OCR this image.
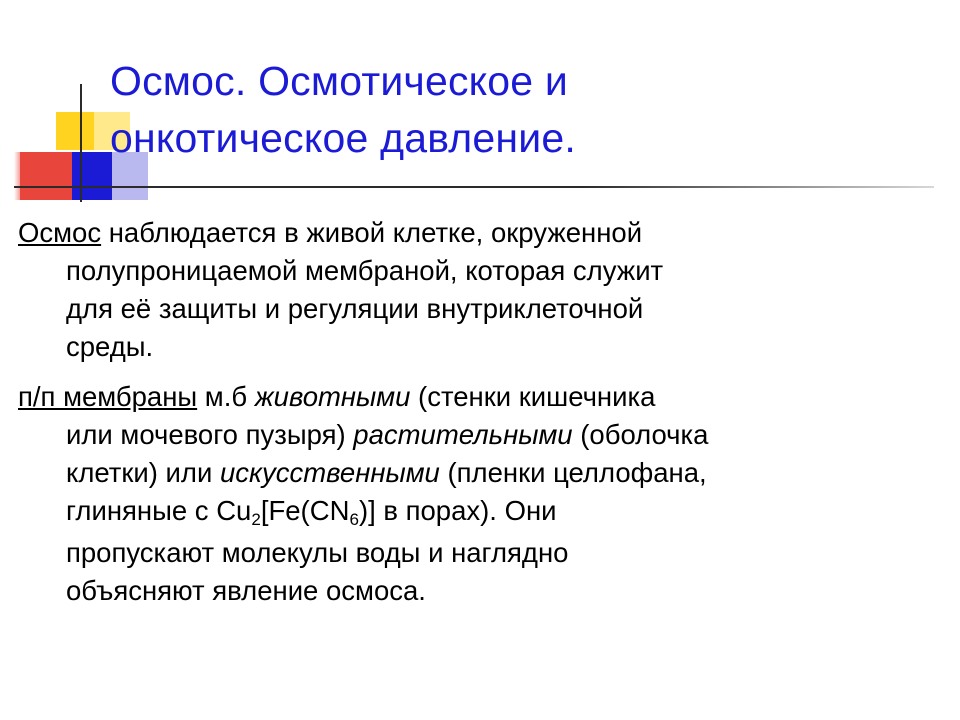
Осмос. Осмотическое и
онкотическое давление.

Осмос наблюдается в живой клетке, окруженной
полупроницаемой мембраной, которая служит
для её защиты и регуляции внутриклеточной
среды.

п/п мембраны м.б животными (стенки кишечника
или мочевого пузыря) растительными (оболочка
клетки) или искусственными (пленки целлофана,
глиняные с $Cu_2[Fe(CN_6)]$ в порах). Они
пропускают молекулы воды и наглядно
объясняют явление осмоса.
